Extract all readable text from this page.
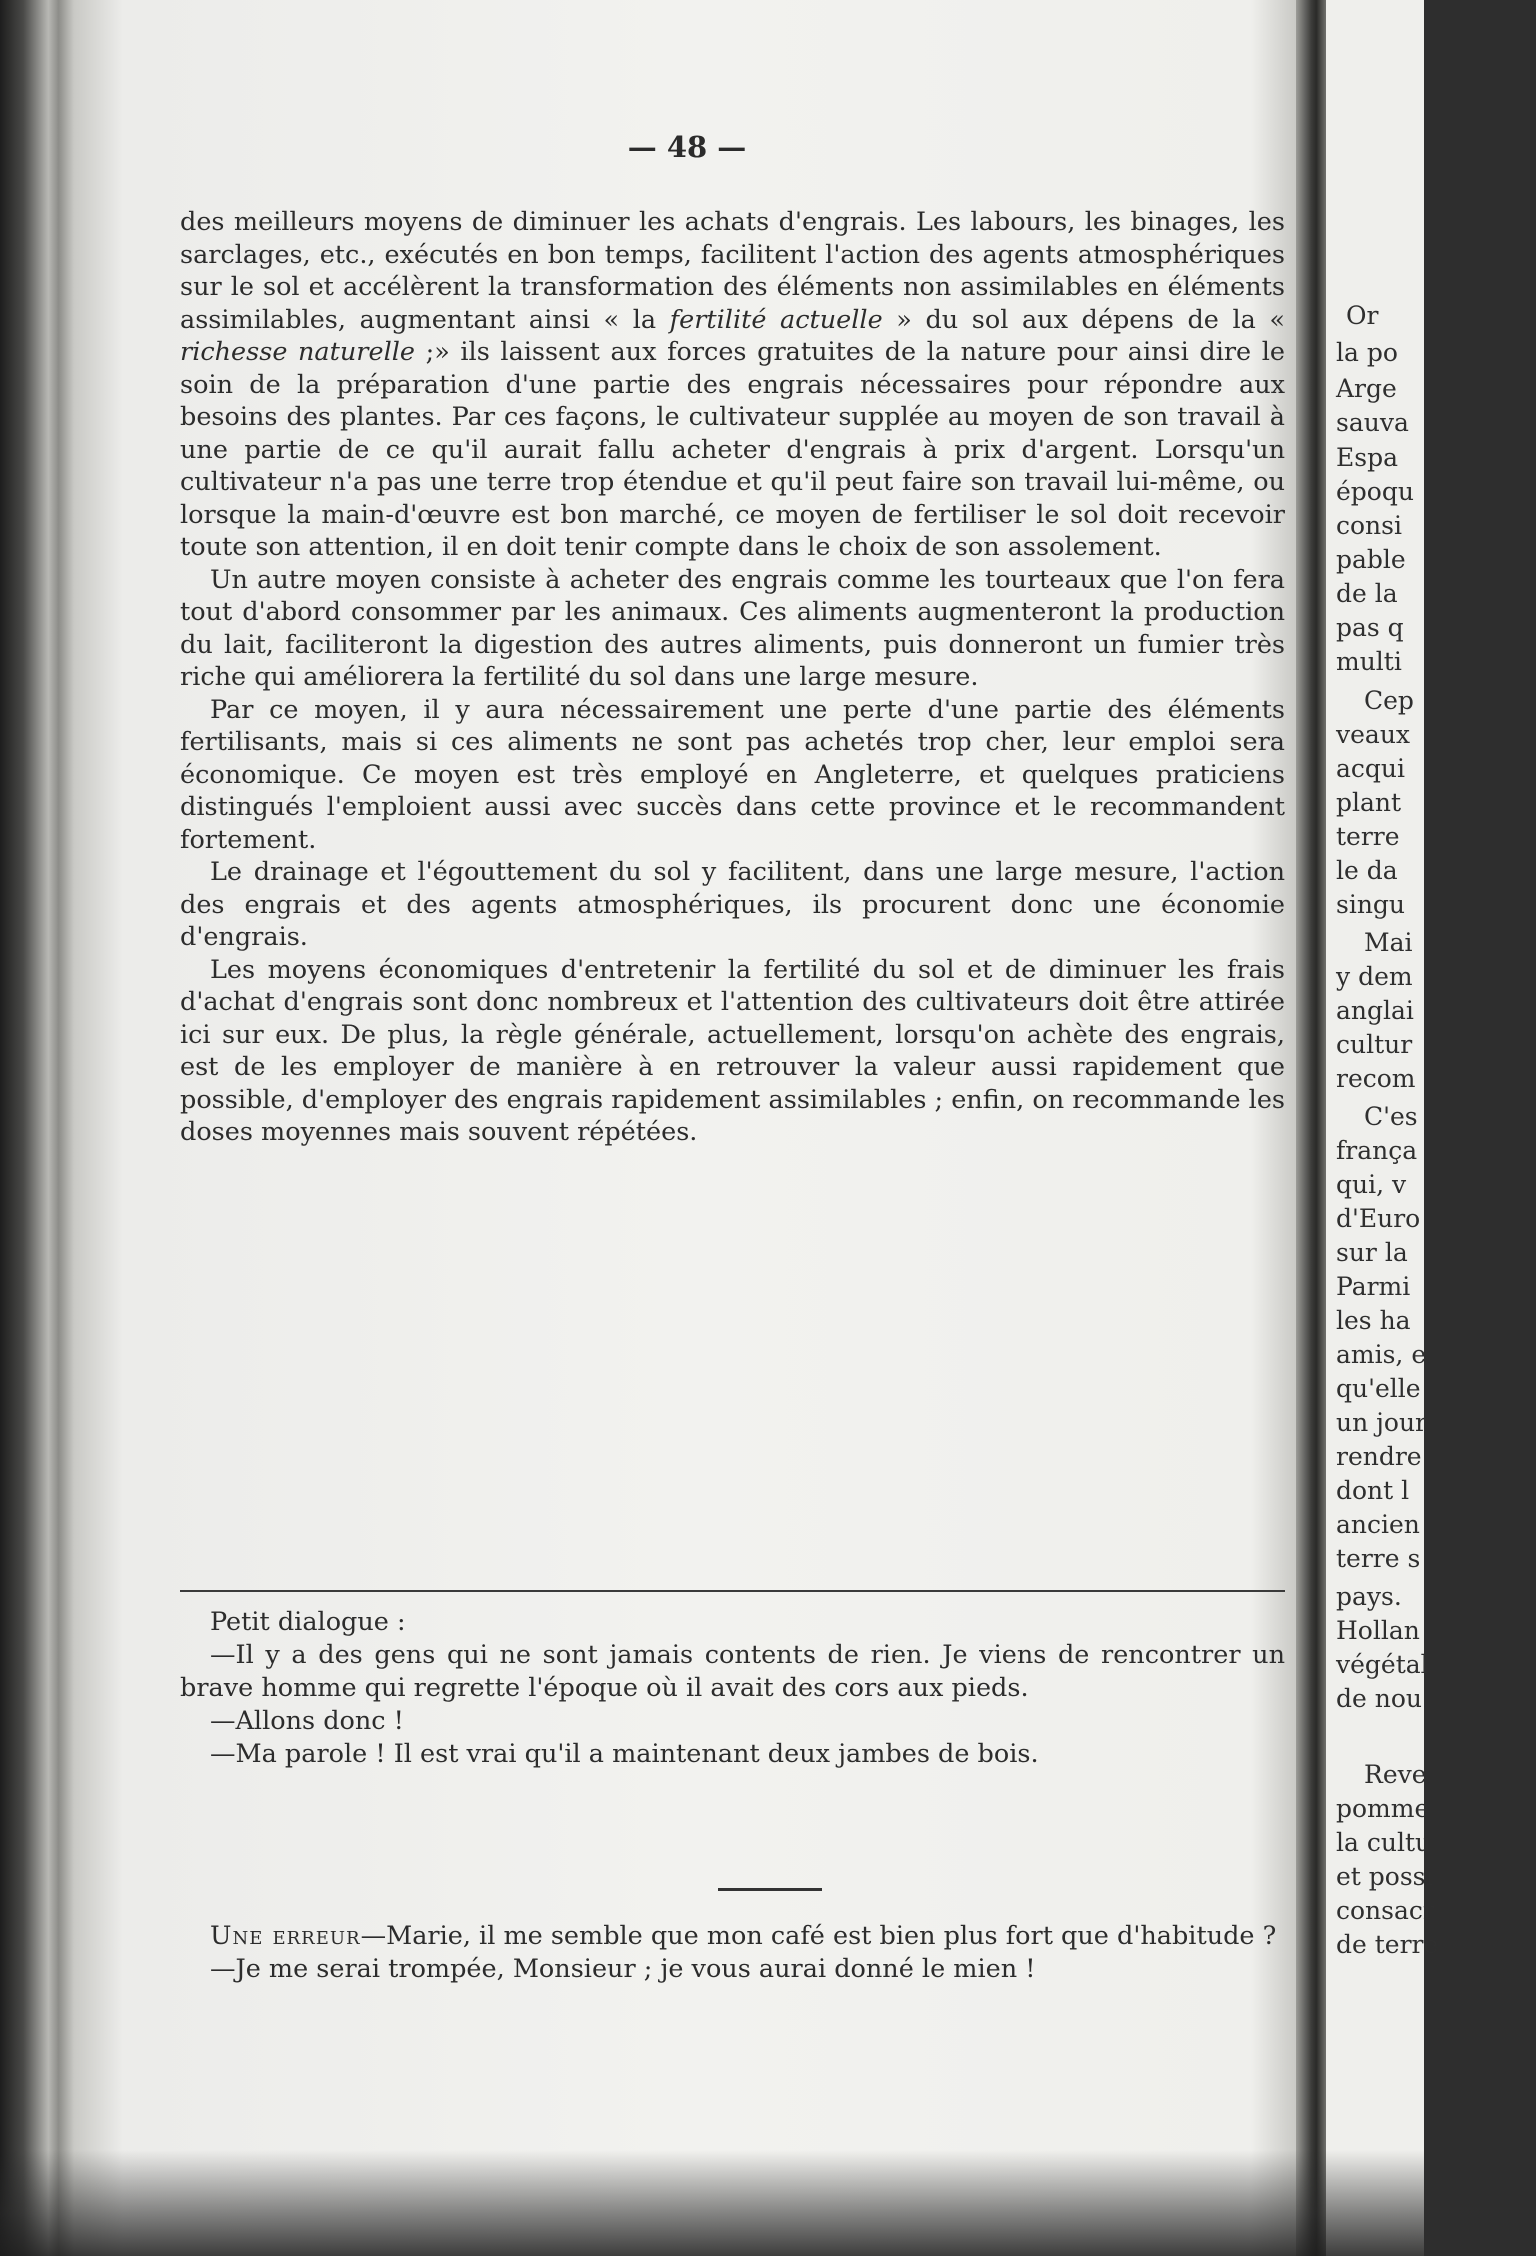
— 48 —

des meilleurs moyens de diminuer les achats d'engrais. Les labours, les binages, les sarclages, etc., exécutés en bon temps, facilitent l'action des agents atmosphériques sur le sol et accélèrent la transformation des éléments non assimilables en éléments assimilables, augmentant ainsi « la fertilité actuelle » du sol aux dépens de la « richesse naturelle ;» ils laissent aux forces gratuites de la nature pour ainsi dire le soin de la préparation d'une partie des engrais nécessaires pour répondre aux besoins des plantes. Par ces façons, le cultivateur supplée au moyen de son travail à une partie de ce qu'il aurait fallu acheter d'engrais à prix d'argent. Lorsqu'un cultivateur n'a pas une terre trop étendue et qu'il peut faire son travail lui-même, ou lorsque la main-d'œuvre est bon marché, ce moyen de fertiliser le sol doit recevoir toute son attention, il en doit tenir compte dans le choix de son assolement.

Un autre moyen consiste à acheter des engrais comme les tourteaux que l'on fera tout d'abord consommer par les animaux. Ces aliments augmenteront la production du lait, faciliteront la digestion des autres aliments, puis donneront un fumier très riche qui améliorera la fertilité du sol dans une large mesure.

Par ce moyen, il y aura nécessairement une perte d'une partie des éléments fertilisants, mais si ces aliments ne sont pas achetés trop cher, leur emploi sera économique. Ce moyen est très employé en Angleterre, et quelques praticiens distingués l'emploient aussi avec succès dans cette province et le recommandent fortement.

Le drainage et l'égouttement du sol y facilitent, dans une large mesure, l'action des engrais et des agents atmosphériques, ils procurent donc une économie d'engrais.

Les moyens économiques d'entretenir la fertilité du sol et de diminuer les frais d'achat d'engrais sont donc nombreux et l'attention des cultivateurs doit être attirée ici sur eux. De plus, la règle générale, actuellement, lorsqu'on achète des engrais, est de les employer de manière à en retrouver la valeur aussi rapidement que possible, d'employer des engrais rapidement assimilables ; enfin, on recommande les doses moyennes mais souvent répétées.

Petit dialogue :

—Il y a des gens qui ne sont jamais contents de rien. Je viens de rencontrer un brave homme qui regrette l'époque où il avait des cors aux pieds.

—Allons donc !

—Ma parole ! Il est vrai qu'il a maintenant deux jambes de bois.

Une erreur—Marie, il me semble que mon café est bien plus fort que d'habitude ?

—Je me serai trompée, Monsieur ; je vous aurai donné le mien !

Or
la po
Arge
sauva
Espa
époqu
consi
pable
de la
pas q
multi
Cep
veaux
acqui
plant
terre
le da
singu
Mai
y dem
anglai
cultur
recom
C'es
frança
qui, v
d'Euro
sur la
Parmi
les ha
amis, e
qu'elle
un jour
rendre
dont l
ancien
terre s
pays.
Hollan
végétal
de nou
Reve
pomme
la cultu
et possi
consacr
de terre
